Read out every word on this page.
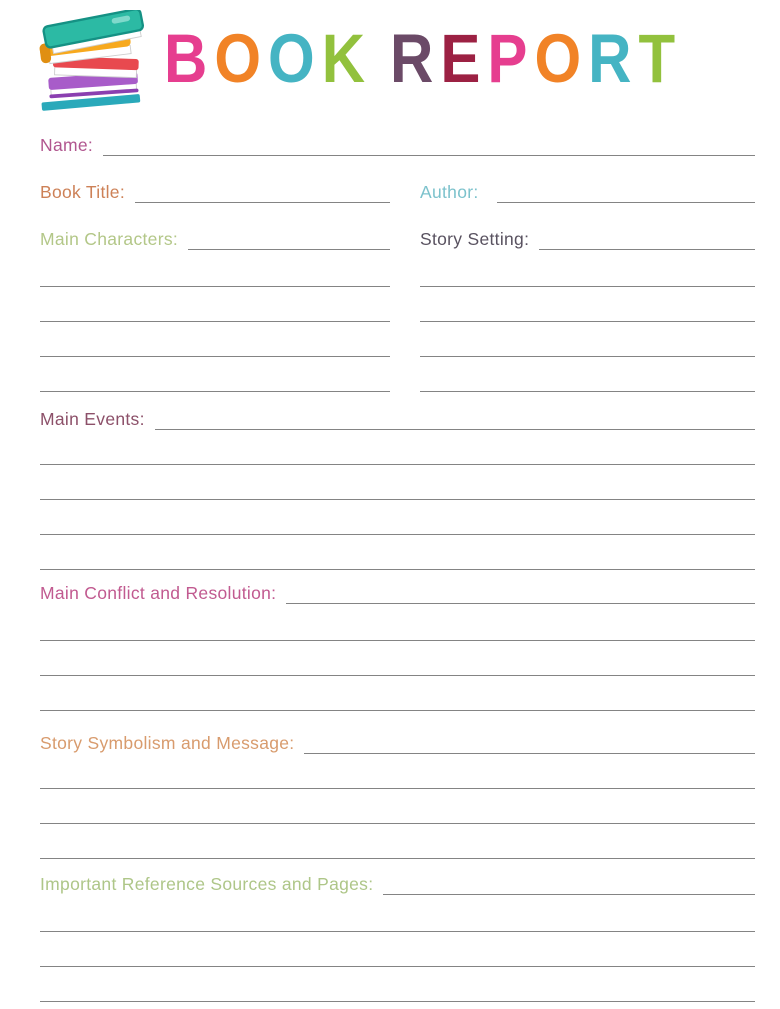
BOOK REPORT
Name:
Book Title:	Author:
Main Characters:	Story Setting:
Main Events:
Main Conflict and Resolution:
Story Symbolism and Message:
Important Reference Sources and Pages:
